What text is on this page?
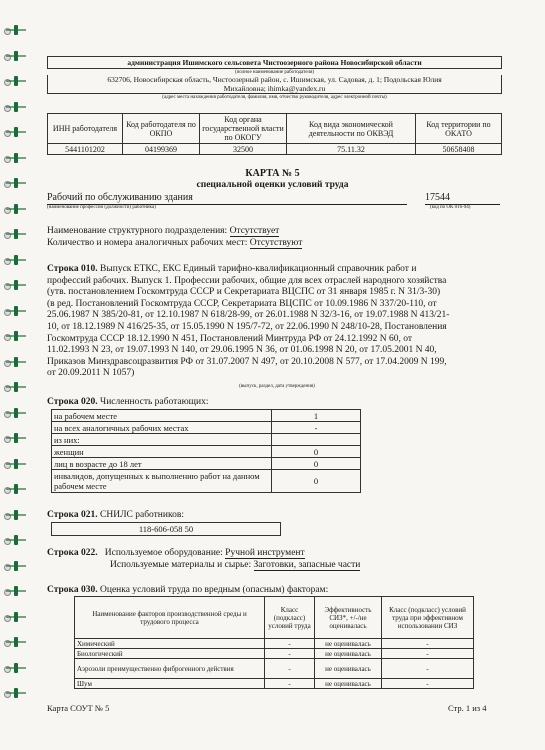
администрация Ишимского сельсовета Чистоозерного района Новосибирской области
(полное наименование работодателя)
632706, Новосибирская область, Чистоозерный район, с. Ишимская, ул. Садовая, д. 1; Подольская Юлия
Михайловна; ihimka@yandex.ru
(адрес места нахождения работодателя, фамилия, имя, отчество руководителя, адрес электронной почты)
ИНН работодателя	Код работодателя по ОКПО	Код органа государственной власти по ОКОГУ	Код вида экономической деятельности по ОКВЭД	Код территории по ОКАТО
5441101202	04199369	32500	75.11.32	50658408
КАРТА № 5
специальной оценки условий труда
Рабочий по обслуживанию здания	17544
(наименование профессии (должности) работника)	(код по ОК 016-94)
Наименование структурного подразделения: Отсутствует
Количество и номера аналогичных рабочих мест: Отсутствуют
Строка 010. Выпуск ЕТКС, ЕКС Единый тарифно-квалификационный справочник работ и
профессий рабочих. Выпуск 1. Профессии рабочих, общие для всех отраслей народного хозяйства
(утв. постановлением Госкомтруда СССР и Секретариата ВЦСПС от 31 января 1985 г. N 31/3-30)
(в ред. Постановлений Госкомтруда СССР, Секретариата ВЦСПС от 10.09.1986 N 337/20-110, от
25.06.1987 N 385/20-81, от 12.10.1987 N 618/28-99, от 26.01.1988 N 32/3-16, от 19.07.1988 N 413/21-
10, от 18.12.1989 N 416/25-35, от 15.05.1990 N 195/7-72, от 22.06.1990 N 248/10-28, Постановления
Госкомтруда СССР 18.12.1990 N 451, Постановлений Минтруда РФ от 24.12.1992 N 60, от
11.02.1993 N 23, от 19.07.1993 N 140, от 29.06.1995 N 36, от 01.06.1998 N 20, от 17.05.2001 N 40,
Приказов Минздравсоцразвития РФ от 31.07.2007 N 497, от 20.10.2008 N 577, от 17.04.2009 N 199,
от 20.09.2011 N 1057)
(выпуск, раздел, дата утверждения)
Строка 020. Численность работающих:
на рабочем месте	1
на всех аналогичных рабочих местах	-
из них:	
женщин	0
лиц в возрасте до 18 лет	0
инвалидов, допущенных к выполнению работ на данном рабочем месте	0
Строка 021. СНИЛС работников:
118-606-058 50
Строка 022. Используемое оборудование: Ручной инструмент
Используемые материалы и сырье: Заготовки, запасные части
Строка 030. Оценка условий труда по вредным (опасным) факторам:
Наименование факторов производственной среды и трудового процесса	Класс (подкласс) условий труда	Эффективность СИЗ*, +/-/не оценивалась	Класс (подкласс) условий труда при эффективном использовании СИЗ
Химический	-	не оценивалась	-
Биологический	-	не оценивалась	-
Аэрозоли преимущественно фиброгенного действия	-	не оценивалась	-
Шум	-	не оценивалась	-
Карта СОУТ № 5	Стр. 1 из 4
